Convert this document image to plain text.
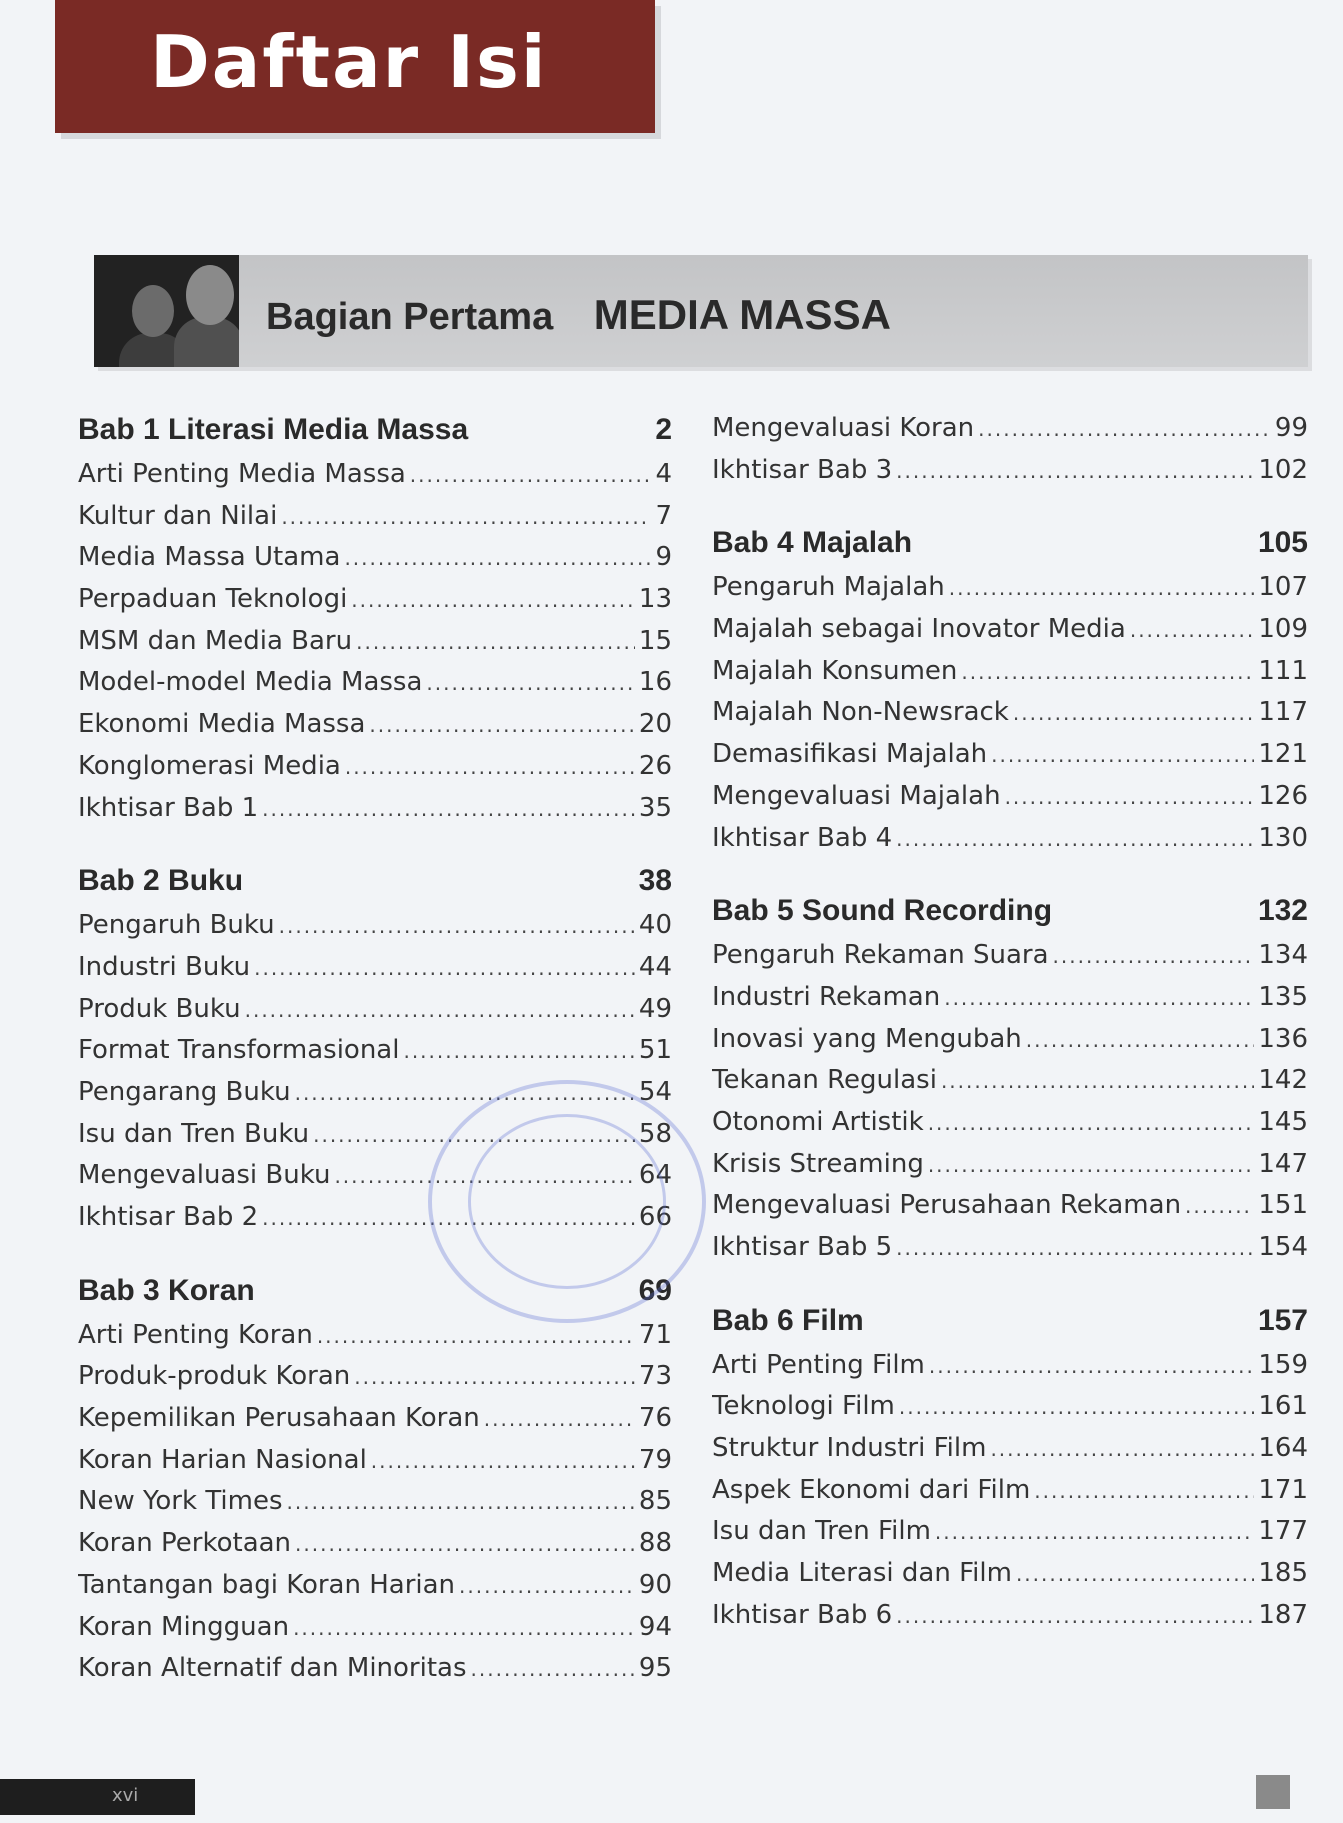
Daftar Isi
Bagian Pertama MEDIA MASSA
Bab 1 Literasi Media Massa	2
Arti Penting Media Massa .....	4
Kultur dan Nilai .....	7
Media Massa Utama .....	9
Perpaduan Teknologi .....	13
MSM dan Media Baru .....	15
Model-model Media Massa .....	16
Ekonomi Media Massa .....	20
Konglomerasi Media .....	26
Ikhtisar Bab 1 .....	35
Bab 2 Buku	38
Pengaruh Buku .....	40
Industri Buku .....	44
Produk Buku .....	49
Format Transformasional .....	51
Pengarang Buku .....	54
Isu dan Tren Buku .....	58
Mengevaluasi Buku .....	64
Ikhtisar Bab 2 .....	66
Bab 3 Koran	69
Arti Penting Koran .....	71
Produk-produk Koran .....	73
Kepemilikan Perusahaan Koran .....	76
Koran Harian Nasional .....	79
New York Times .....	85
Koran Perkotaan .....	88
Tantangan bagi Koran Harian .....	90
Koran Mingguan .....	94
Koran Alternatif dan Minoritas .....	95
Mengevaluasi Koran .....	99
Ikhtisar Bab 3 .....	102
Bab 4 Majalah	105
Pengaruh Majalah .....	107
Majalah sebagai Inovator Media .....	109
Majalah Konsumen .....	111
Majalah Non-Newsrack .....	117
Demasifikasi Majalah .....	121
Mengevaluasi Majalah .....	126
Ikhtisar Bab 4 .....	130
Bab 5 Sound Recording	132
Pengaruh Rekaman Suara .....	134
Industri Rekaman .....	135
Inovasi yang Mengubah .....	136
Tekanan Regulasi .....	142
Otonomi Artistik .....	145
Krisis Streaming .....	147
Mengevaluasi Perusahaan Rekaman .....	151
Ikhtisar Bab 5 .....	154
Bab 6 Film	157
Arti Penting Film .....	159
Teknologi Film .....	161
Struktur Industri Film .....	164
Aspek Ekonomi dari Film .....	171
Isu dan Tren Film .....	177
Media Literasi dan Film .....	185
Ikhtisar Bab 6 .....	187
xvi
